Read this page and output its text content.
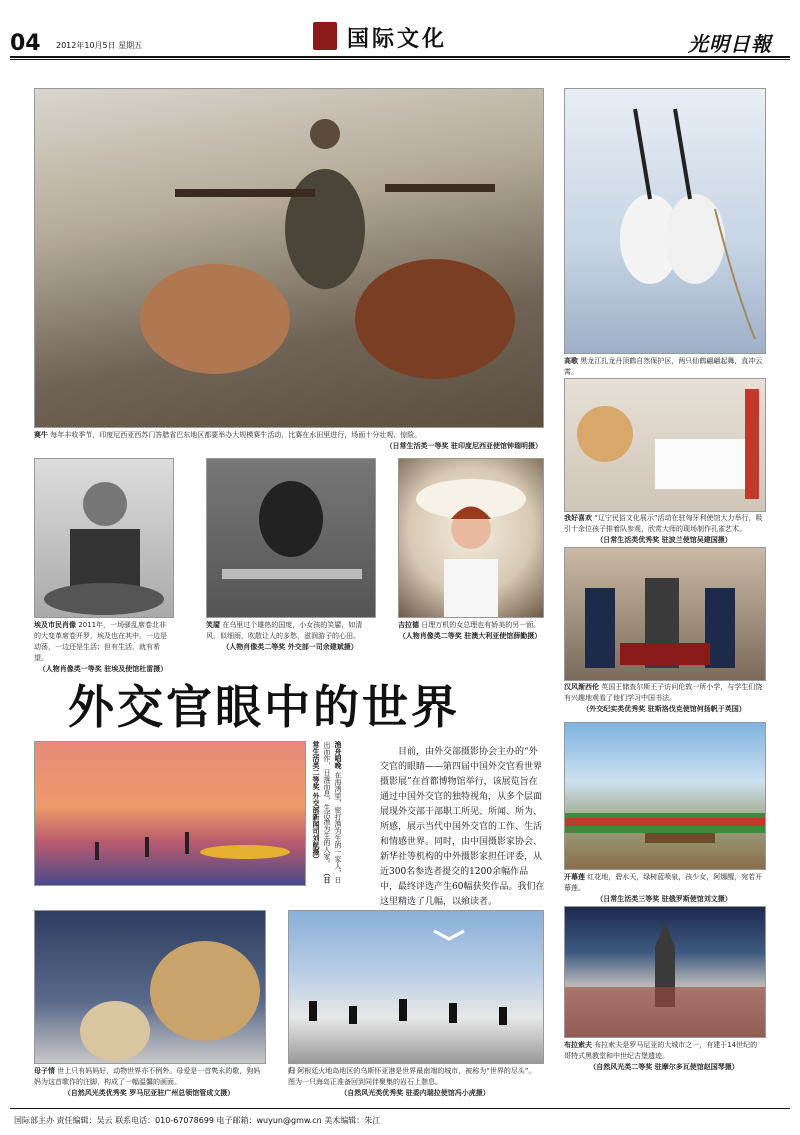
04 2012年10月5日 星期五	国际文化	光明日報
赛牛 每年丰收季节，印度尼西亚西苏门答腊省巴东地区都要举办大规模赛牛活动，比赛在水田里进行，场面十分壮观、惊险。
（日常生活类一等奖 驻印度尼西亚使馆钟瑞明摄）
高歌 黑龙江扎龙丹顶鹤自然保护区，两只仙鹤翩翩起舞，直冲云霄。
埃及市民肖像 2011年，一场骚乱席卷北非的大变革席卷开罗，埃及也在其中。一边是动荡，一边还是生活；但有生活，就有希望。
（人物肖像类一等奖 驻埃及使馆杜雷摄）
笑靥 在乌里过个雄热的国度，小女孩的笑靥，如清风，似细雨，吹散让人的多愁，滋润游子的心田。
（人物肖像类二等奖 外交部一司余建斌摄）
吉拉德 日理万机的女总理也有娇美的另一面。
（人物肖像类二等奖 驻澳大利亚使馆薛勤摄）
我好喜欢 “辽宁民俗文化展示”活动在驻匈牙利使馆大力举行，吸引十余位孩子排着队参观，欣赏大师的现场制作孔雀艺术。
（日常生活类优秀奖 驻波兰使馆吴建国摄）
汉风渐西伦 英国王储查尔斯王子访问伦敦一所小学，与学生们饶有兴趣地观看了他们学习中国书法。
（外交纪实类优秀奖 驻斯洛伐克使馆何扬帆于英国）
外交官眼中的世界
渔舟唱晚 在海湾里，密打渔为生的一家人，日出而作，日落而息，生活渔为生的人家。 （日常生活类二等奖 外交部新闻司刘航摄）	目前，由外交部摄影协会主办的“外交官的眼睛——第四届中国外交官看世界摄影展”在首都博物馆举行，该展览旨在通过中国外交官的独特视角，从多个层面展现外交部干部职工所见、所闻、所为、所感，展示当代中国外交官的工作、生活和情感世界。同时，由中国摄影家协会、新华社等机构的中外摄影家担任评委，从近300名参选者提交的1200余幅作品中，最终评选产生60幅获奖作品。我们在这里精选了几幅，以飨读者。
开幕莲 红花地，碧水天，绿树蓝喷泉，孩少女，阿娜醒，宛若开幕莲。
（日常生活类三等奖 驻俄罗斯使馆刘文摄）
母子情 世上只有妈妈好，动物世界亦不例外。母爱是一首隽永的歌，狗妈妈为这首歌作的注脚，构成了一幅温馨的画面。
（自然风光类优秀奖 罗马尼亚驻广州总领馆管成文摄）
归 阿根廷火地岛地区的乌斯怀亚港是世界最南端的城市，被称为“世界的尽头”。图为一只海岛正准备回到同伴聚集的岩石上憩息。
（自然风光类优秀奖 驻委内瑞拉使馆冯小虎摄）
布拉索夫 布拉索夫是罗马尼亚的大城市之一，有建于14世纪的哥特式黑教堂和中世纪古堡遗迹。
（自然风光类二等奖 驻摩尔多瓦使馆赵国琴摄）
国际部主办 责任编辑：吴云 联系电话：010-67078699 电子邮箱：wuyun@gmw.cn 美术编辑：朱江
